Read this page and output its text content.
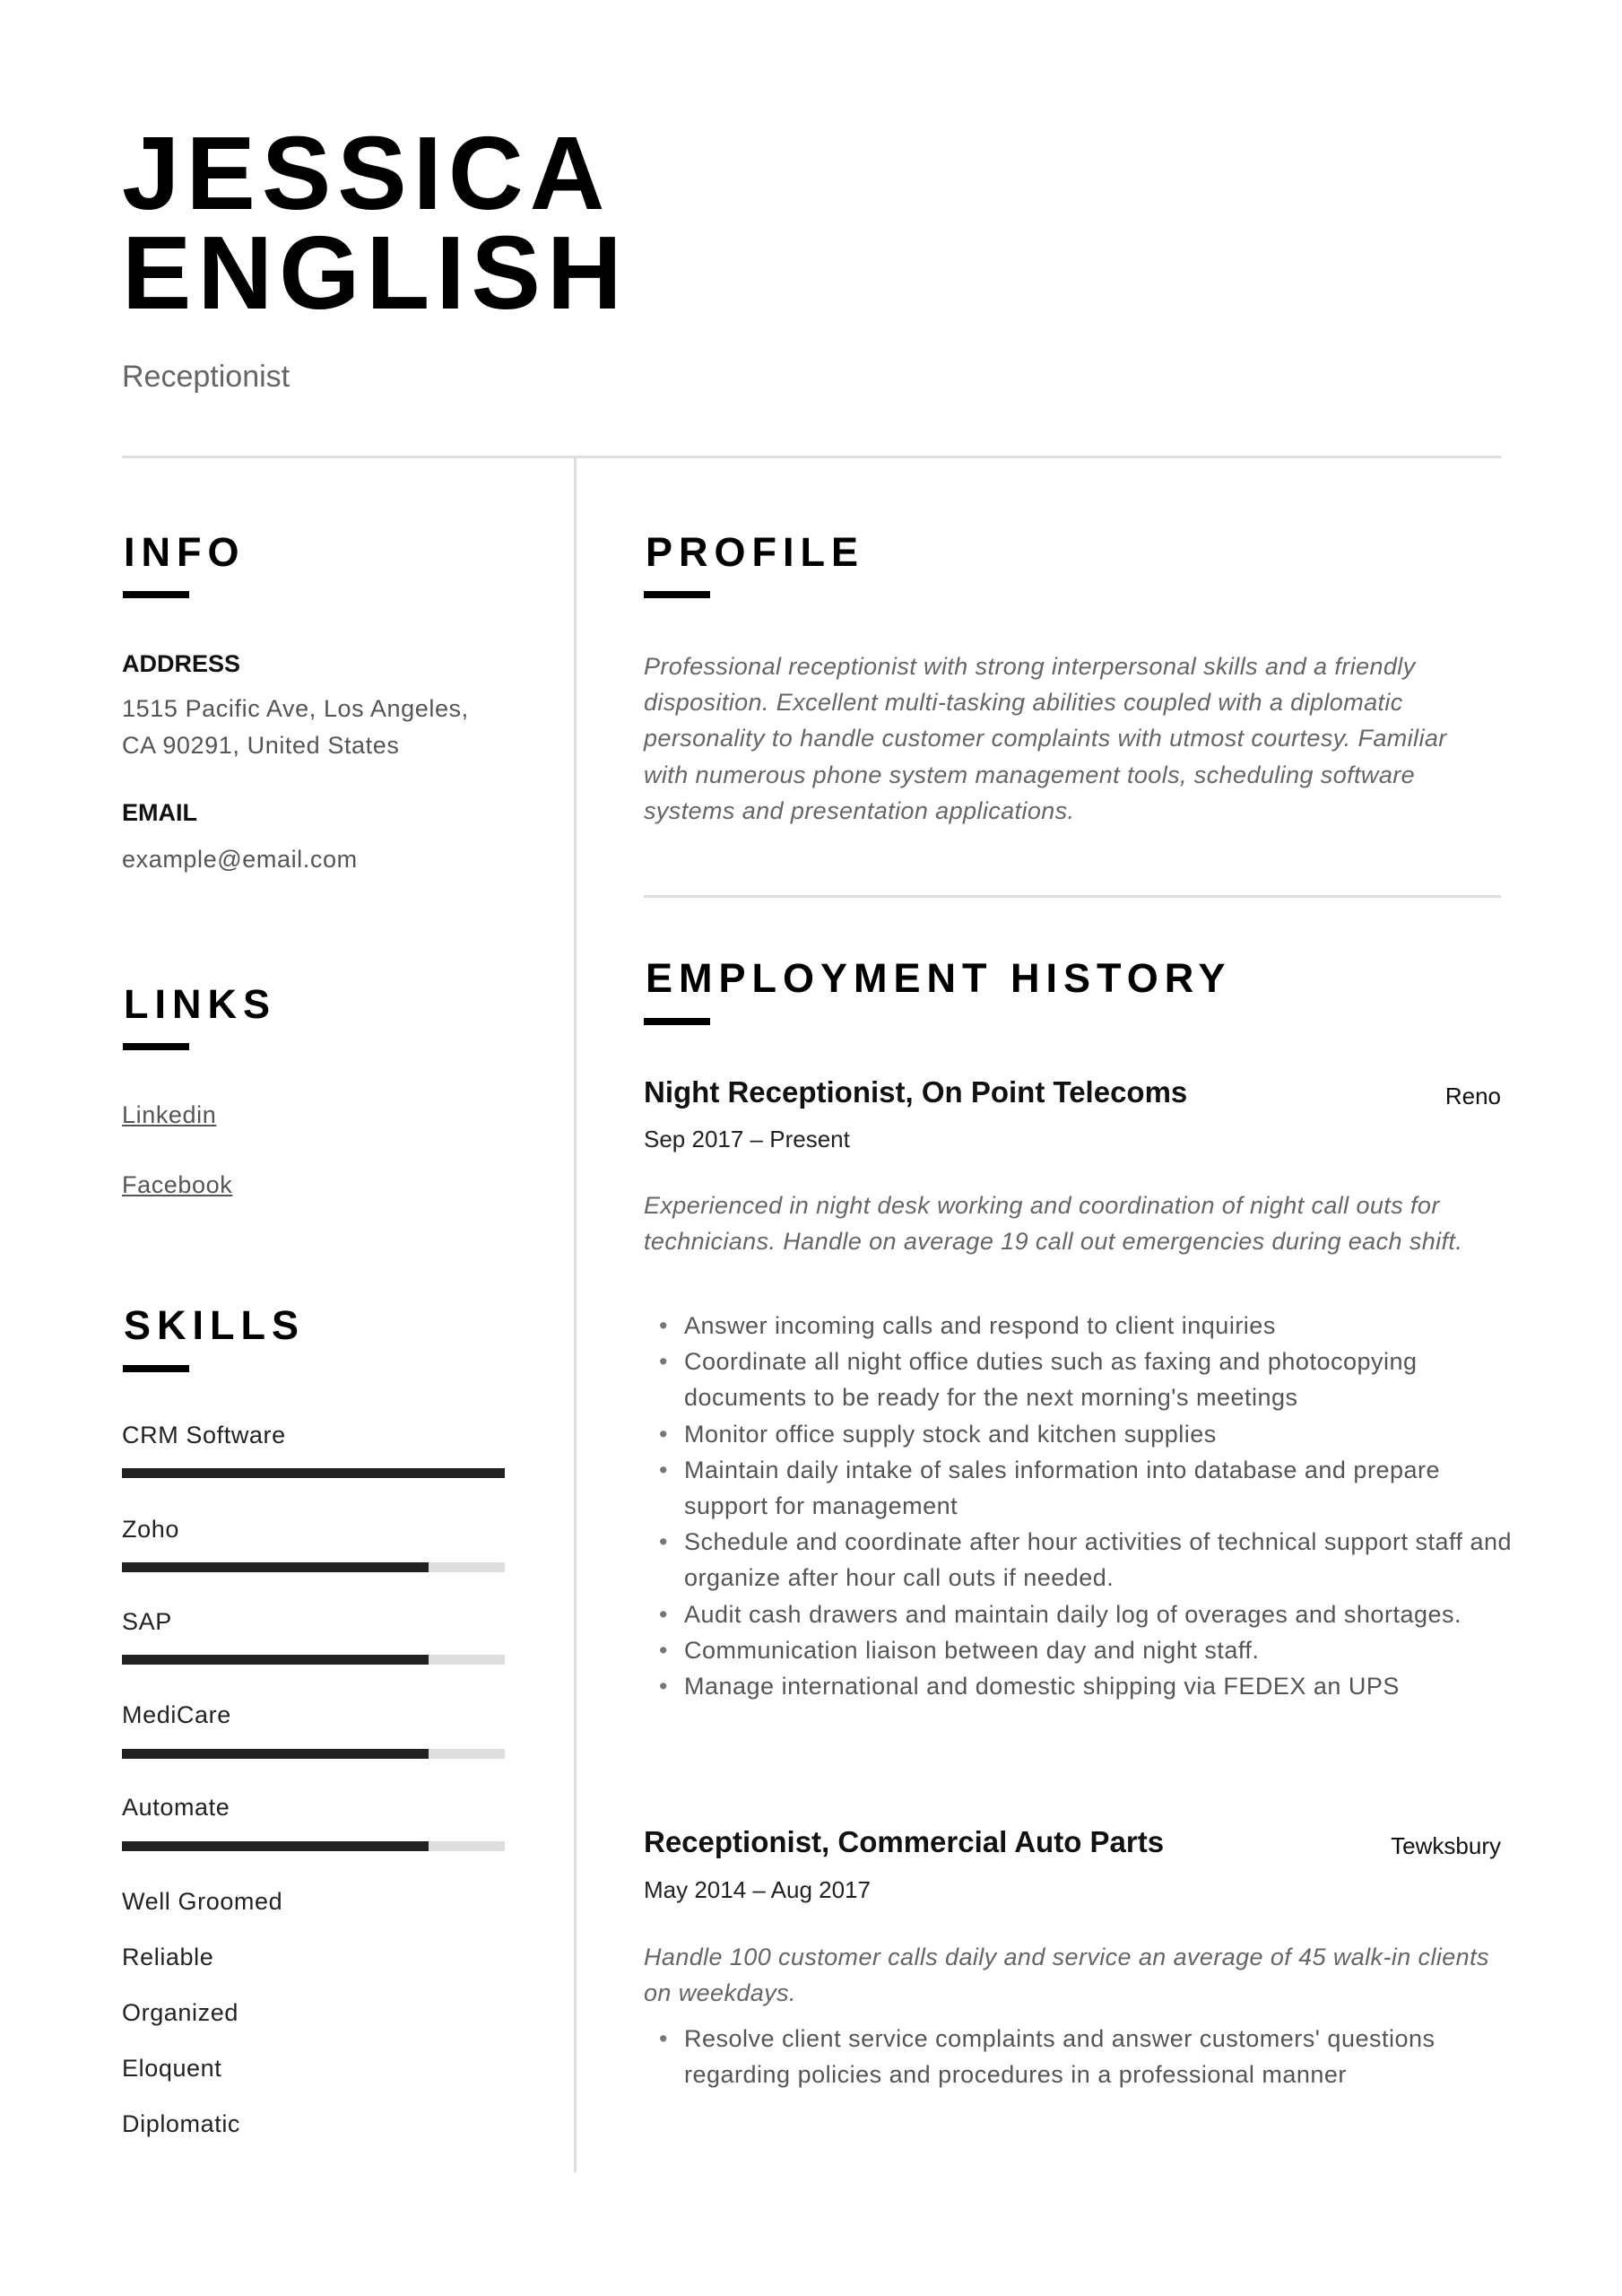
JESSICA
ENGLISH
Receptionist
INFO
ADDRESS
1515 Pacific Ave, Los Angeles,
CA 90291, United States
EMAIL
example@email.com
LINKS
Linkedin
Facebook
SKILLS
CRM Software
Zoho
SAP
MediCare
Automate
Well Groomed
Reliable
Organized
Eloquent
Diplomatic
PROFILE
Professional receptionist with strong interpersonal skills and a friendly disposition. Excellent multi-tasking abilities coupled with a diplomatic personality to handle customer complaints with utmost courtesy. Familiar with numerous phone system management tools, scheduling software systems and presentation applications.
EMPLOYMENT HISTORY
Night Receptionist, On Point Telecoms	Reno
Sep 2017 – Present
Experienced in night desk working and coordination of night call outs for technicians. Handle on average 19 call out emergencies during each shift.
• Answer incoming calls and respond to client inquiries
• Coordinate all night office duties such as faxing and photocopying documents to be ready for the next morning's meetings
• Monitor office supply stock and kitchen supplies
• Maintain daily intake of sales information into database and prepare support for management
• Schedule and coordinate after hour activities of technical support staff and organize after hour call outs if needed.
• Audit cash drawers and maintain daily log of overages and shortages.
• Communication liaison between day and night staff.
• Manage international and domestic shipping via FEDEX an UPS
Receptionist, Commercial Auto Parts	Tewksbury
May 2014 – Aug 2017
Handle 100 customer calls daily and service an average of 45 walk-in clients on weekdays.
• Resolve client service complaints and answer customers' questions regarding policies and procedures in a professional manner
